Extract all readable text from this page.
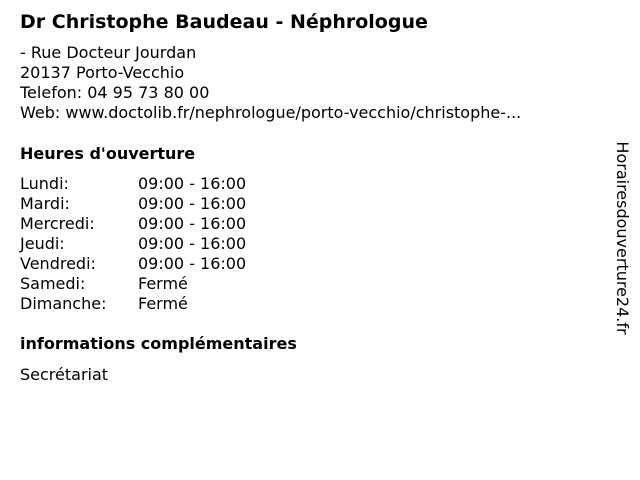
Dr Christophe Baudeau - Néphrologue
- Rue Docteur Jourdan
20137 Porto-Vecchio
Telefon: 04 95 73 80 00
Web: www.doctolib.fr/nephrologue/porto-vecchio/christophe-...
Heures d'ouverture
Lundi:	09:00 - 16:00
Mardi:	09:00 - 16:00
Mercredi:	09:00 - 16:00
Jeudi:	09:00 - 16:00
Vendredi:	09:00 - 16:00
Samedi:	Fermé
Dimanche:	Fermé
informations complémentaires
Secrétariat
Horairesdouverture24.fr
